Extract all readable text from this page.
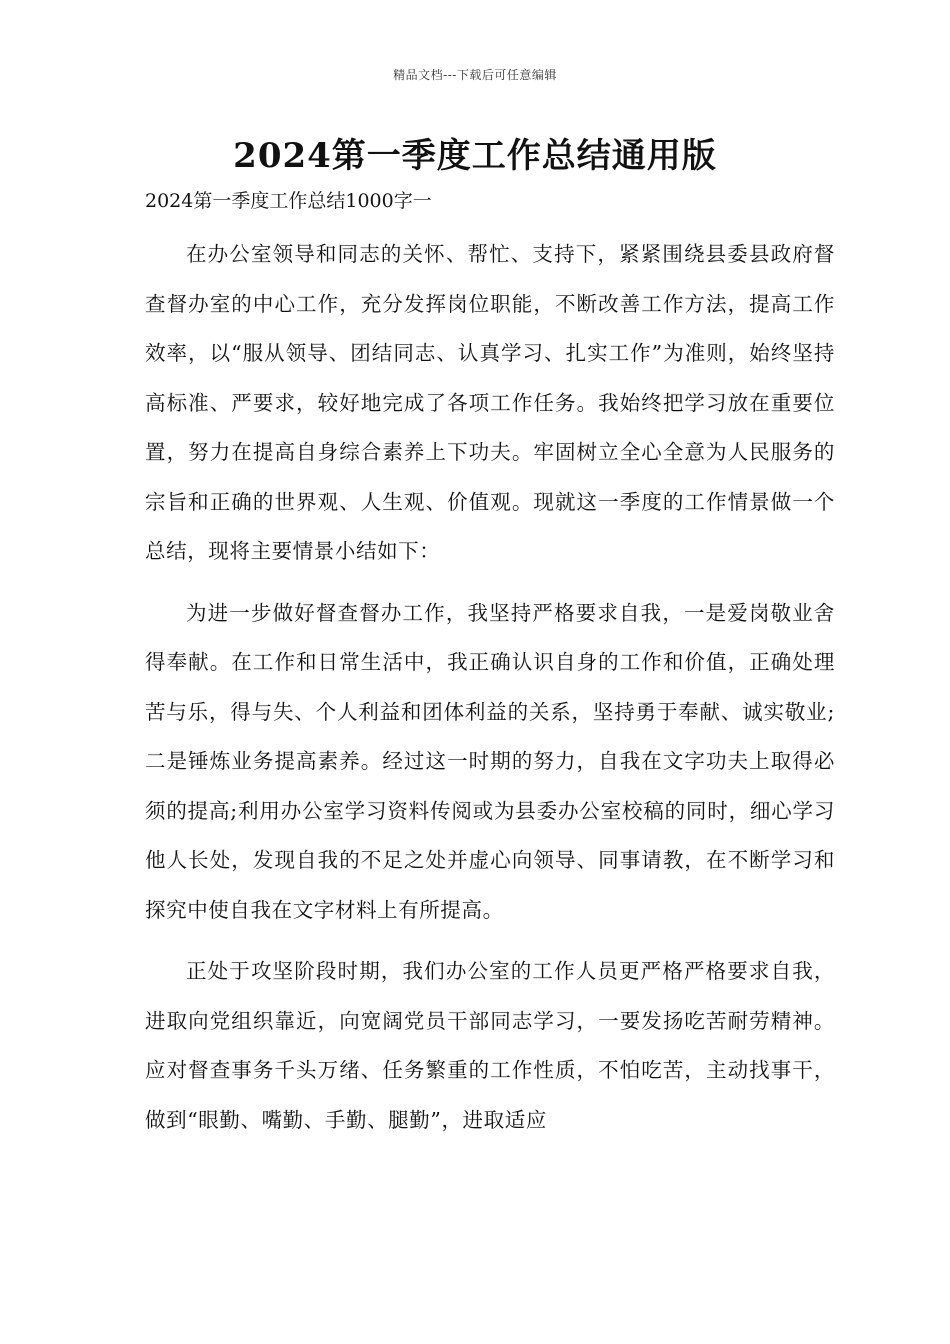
精品文档---下载后可任意编辑
2024第一季度工作总结通用版
2024第一季度工作总结1000字一

在办公室领导和同志的关怀、帮忙、支持下，紧紧围绕县委县政府督查督办室的中心工作，充分发挥岗位职能，不断改善工作方法，提高工作效率，以“服从领导、团结同志、认真学习、扎实工作”为准则，始终坚持高标准、严要求，较好地完成了各项工作任务。我始终把学习放在重要位置，努力在提高自身综合素养上下功夫。牢固树立全心全意为人民服务的宗旨和正确的世界观、人生观、价值观。现就这一季度的工作情景做一个总结，现将主要情景小结如下：

为进一步做好督查督办工作，我坚持严格要求自我，一是爱岗敬业舍得奉献。在工作和日常生活中，我正确认识自身的工作和价值，正确处理苦与乐，得与失、个人利益和团体利益的关系，坚持勇于奉献、诚实敬业;二是锤炼业务提高素养。经过这一时期的努力，自我在文字功夫上取得必须的提高;利用办公室学习资料传阅或为县委办公室校稿的同时，细心学习他人长处，发现自我的不足之处并虚心向领导、同事请教，在不断学习和探究中使自我在文字材料上有所提高。

正处于攻坚阶段时期，我们办公室的工作人员更严格严格要求自我，进取向党组织靠近，向宽阔党员干部同志学习，一要发扬吃苦耐劳精神。应对督查事务千头万绪、任务繁重的工作性质，不怕吃苦，主动找事干，做到“眼勤、嘴勤、手勤、腿勤”，进取适应
